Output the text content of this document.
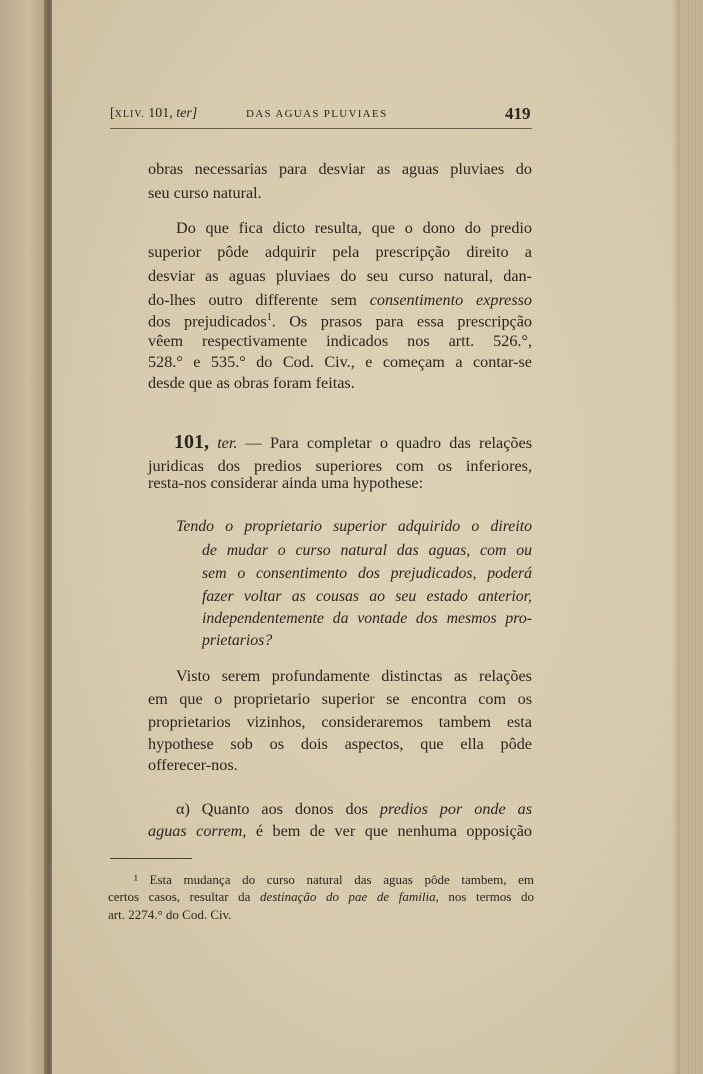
[XLIV. 101, ter]	DAS AGUAS PLUVIAES	419
obras necessarias para desviar as aguas pluviaes do
seu curso natural.
Do que fica dicto resulta, que o dono do predio
superior pôde adquirir pela prescripção direito a
desviar as aguas pluviaes do seu curso natural, dan-
do-lhes outro differente sem consentimento expresso
dos prejudicados$^1$. Os prasos para essa prescripção
vêem respectivamente indicados nos artt. 526.°,
528.° e 535.° do Cod. Civ., e começam a contar-se
desde que as obras foram feitas.
101, ter. — Para completar o quadro das relações
juridicas dos predios superiores com os inferiores,
resta-nos considerar ainda uma hypothese:
Tendo o proprietario superior adquirido o direito
de mudar o curso natural das aguas, com ou
sem o consentimento dos prejudicados, poderá
fazer voltar as cousas ao seu estado anterior,
independentemente da vontade dos mesmos pro-
prietarios?
Visto serem profundamente distinctas as relações
em que o proprietario superior se encontra com os
proprietarios vizinhos, consideraremos tambem esta
hypothese sob os dois aspectos, que ella pôde
offerecer-nos.
α) Quanto aos donos dos predios por onde as
aguas correm, é bem de ver que nenhuma opposição
¹ Esta mudança do curso natural das aguas pôde tambem, em
certos casos, resultar da destinação do pae de familia, nos termos do
art. 2274.° do Cod. Civ.
